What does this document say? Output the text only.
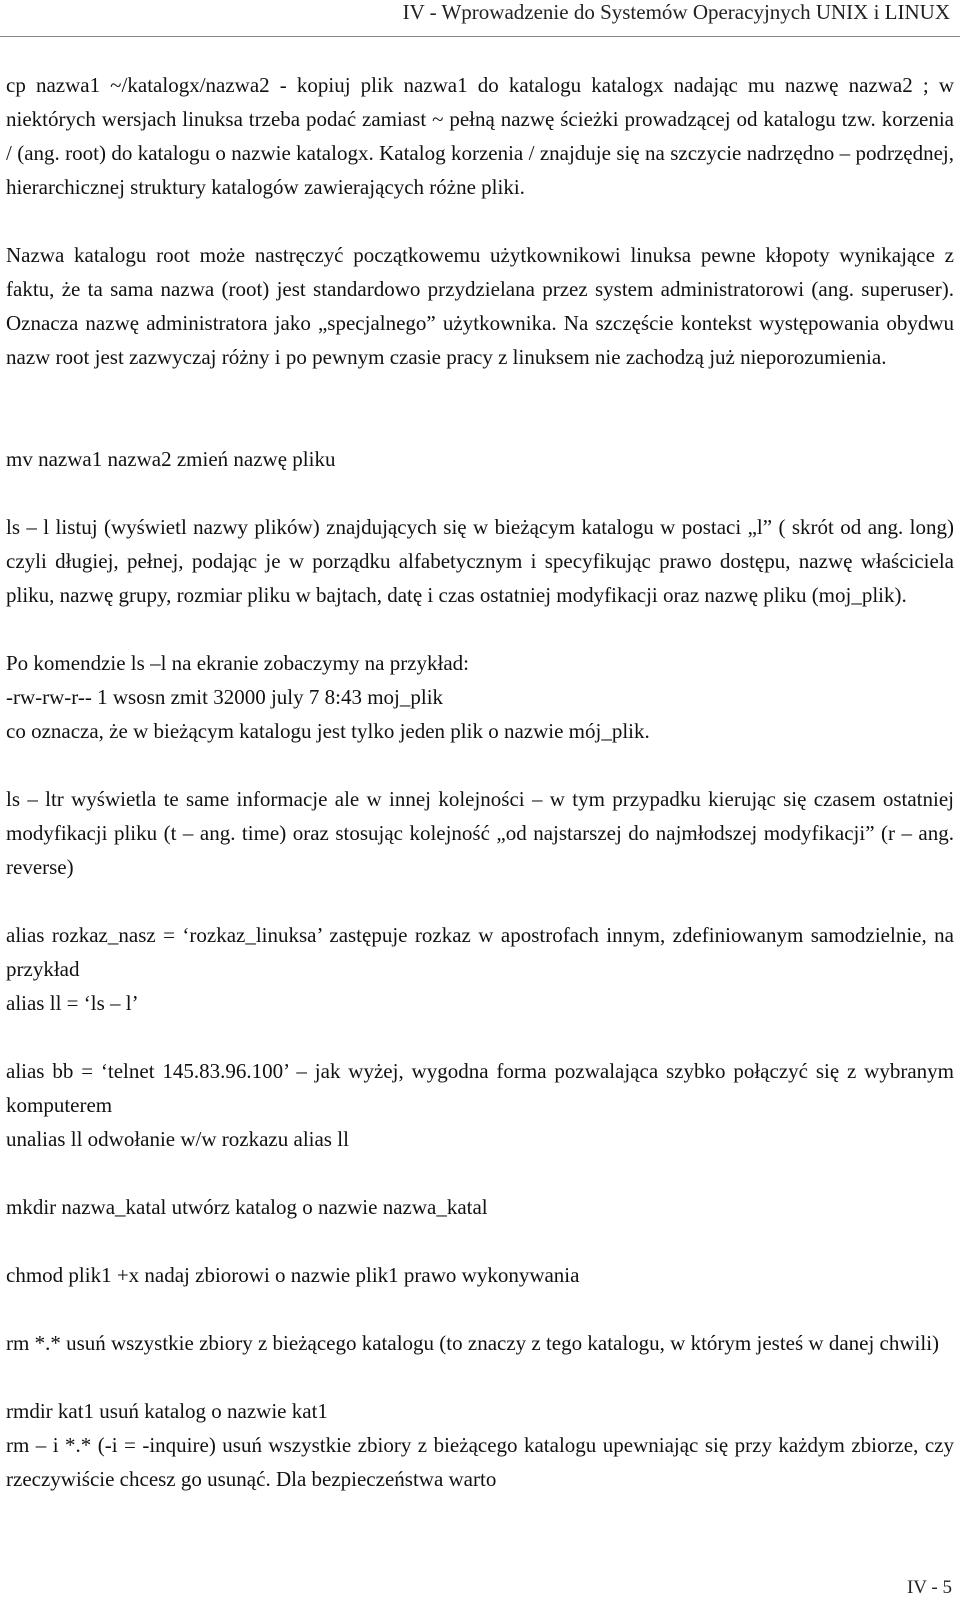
IV - Wprowadzenie do Systemów Operacyjnych UNIX i LINUX
cp nazwa1 ~/katalogx/nazwa2 - kopiuj plik nazwa1 do katalogu katalogx nadając mu nazwę nazwa2 ; w niektórych wersjach linuksa trzeba podać zamiast ~ pełną nazwę ścieżki prowadzącej od katalogu tzw. korzenia / (ang. root) do katalogu o nazwie katalogx. Katalog korzenia / znajduje się na szczycie nadrzędno – podrzędnej, hierarchicznej struktury katalogów zawierających różne pliki.
Nazwa katalogu root może nastręczyć początkowemu użytkownikowi linuksa pewne kłopoty wynikające z faktu, że ta sama nazwa (root) jest standardowo przydzielana przez system administratorowi (ang. superuser). Oznacza nazwę administratora jako „specjalnego” użytkownika. Na szczęście kontekst występowania obydwu nazw root jest zazwyczaj różny i po pewnym czasie pracy z linuksem nie zachodzą już nieporozumienia.
mv nazwa1 nazwa2 zmień nazwę pliku
ls – l listuj (wyświetl nazwy plików) znajdujących się w bieżącym katalogu w postaci „l” ( skrót od ang. long) czyli długiej, pełnej, podając je w porządku alfabetycznym i specyfikując prawo dostępu, nazwę właściciela pliku, nazwę grupy, rozmiar pliku w bajtach, datę i czas ostatniej modyfikacji oraz nazwę pliku (moj_plik).
Po komendzie ls –l na ekranie zobaczymy na przykład:
-rw-rw-r-- 1 wsosn zmit 32000 july 7 8:43 moj_plik
co oznacza, że w bieżącym katalogu jest tylko jeden plik o nazwie mój_plik.
ls – ltr wyświetla te same informacje ale w innej kolejności – w tym przypadku kierując się czasem ostatniej modyfikacji pliku (t – ang. time) oraz stosując kolejność „od najstarszej do najmłodszej modyfikacji” (r – ang. reverse)
alias rozkaz_nasz = ‘rozkaz_linuksa’ zastępuje rozkaz w apostrofach innym, zdefiniowanym samodzielnie, na przykład
alias ll = ‘ls – l’
alias bb = ‘telnet 145.83.96.100’ – jak wyżej, wygodna forma pozwalająca szybko połączyć się z wybranym komputerem
unalias ll odwołanie w/w rozkazu alias ll
mkdir nazwa_katal utwórz katalog o nazwie nazwa_katal
chmod plik1 +x nadaj zbiorowi o nazwie plik1 prawo wykonywania
rm *.* usuń wszystkie zbiory z bieżącego katalogu (to znaczy z tego katalogu, w którym jesteś w danej chwili)
rmdir kat1 usuń katalog o nazwie kat1
rm – i *.* (-i = -inquire) usuń wszystkie zbiory z bieżącego katalogu upewniając się przy każdym zbiorze, czy rzeczywiście chcesz go usunąć. Dla bezpieczeństwa warto
IV - 5
